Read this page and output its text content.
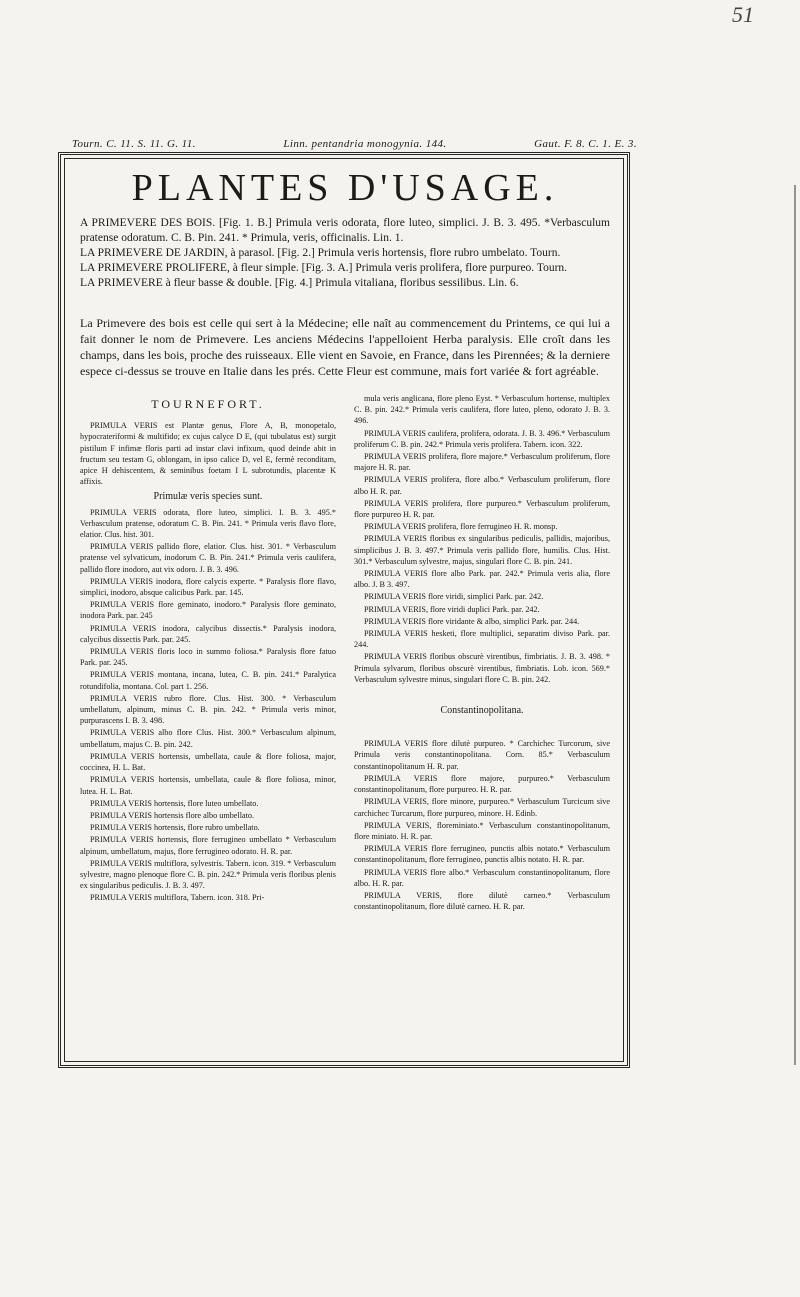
51
Tourn. C. 11. S. 11. G. 11.	Linn. pentandria monogynia. 144.	Gaut. F. 8. C. 1. E. 3.
PLANTES D'USAGE.

A PRIMEVERE DES BOIS. [Fig. 1. B.] Primula veris odorata, flore luteo, simplici. J. B. 3. 495. *Verbasculum pratense odoratum. C. B. Pin. 241. * Primula, veris, officinalis. Lin. 1.

LA PRIMEVERE DE JARDIN, à parasol. [Fig. 2.] Primula veris hortensis, flore rubro umbelato. Tourn.

LA PRIMEVERE PROLIFERE, à fleur simple. [Fig. 3. A.] Primula veris prolifera, flore purpureo. Tourn.

LA PRIMEVERE à fleur basse & double. [Fig. 4.] Primula vitaliana, floribus sessilibus. Lin. 6.

La Primevere des bois est celle qui sert à la Médecine; elle naît au commencement du Printems, ce qui lui a fait donner le nom de Primevere. Les anciens Médecins l'appelloient Herba paralysis. Elle croît dans les champs, dans les bois, proche des ruisseaux. Elle vient en Savoie, en France, dans les Pirennées; & la derniere espece ci-dessus se trouve en Italie dans les prés. Cette Fleur est commune, mais fort variée & fort agréable.
TOURNEFORT.

PRIMULA VERIS est Plantæ genus, Flore A, B, monopetalo, hypocrateriformi & multifido; ex cujus calyce D E, (qui tubulatus est) surgit pistilum F infimæ floris parti ad instar clavi infixum, quod deinde abit in fructum seu testam G, oblongam, in ipso calice D, vel E, fermè reconditam, apice H dehiscentem, & seminibus foetam I L subrotundis, placentæ K affixis.

Primulæ veris species sunt.

PRIMULA VERIS odorata, flore luteo, simplici. I. B. 3. 495.* Verbasculum pratense, odoratum C. B. Pin. 241. * Primula veris flavo flore, elatior. Clus. hist. 301.

PRIMULA VERIS pallido flore, elatior. Clus. hist. 301. * Verbasculum pratense vel sylvaticum, inodorum C. B. Pin. 241.* Primula veris caulifera, pallido flore inodoro, aut vix odoro. J. B. 3. 496.

PRIMULA VERIS inodora, flore calycis experte. * Paralysis flore flavo, simplici, inodoro, absque calicibus Park. par. 145.

PRIMULA VERIS flore geminato, inodoro.* Paralysis flore geminato, inodora Park. par. 245

PRIMULA VERIS inodora, calycibus dissectis.* Paralysis inodora, calycibus dissectis Park. par. 245.

PRIMULA VERIS floris loco in summo foliosa.* Paralysis flore fatuo Park. par. 245.

PRIMULA VERIS montana, incana, lutea, C. B. pin. 241.* Paralytica rotundifolia, montana. Col. part 1. 256.

PRIMULA VERIS rubro flore. Clus. Hist. 300. * Verbasculum umbellatum, alpinum, minus C. B. pin. 242. * Primula veris minor, purpurascens I. B. 3. 498.

PRIMULA VERIS albo flore Clus. Hist. 300.* Verbasculum alpinum, umbellatum, majus C. B. pin. 242.

PRIMULA VERIS hortensis, umbellata, caule & flore foliosa, major, coccinea, H. L. Bat.

PRIMULA VERIS hortensis, umbellata, caule & flore foliosa, minor, lutea. H. L. Bat.

PRIMULA VERIS hortensis, flore luteo umbellato.

PRIMULA VERIS hortensis flore albo umbellato.

PRIMULA VERIS hortensis, flore rubro umbellato.

PRIMULA VERIS hortensis, flore ferrugineo umbellato * Verbasculum alpinum, umbellatum, majus, flore ferrugineo odorato. H. R. par.

PRIMULA VERIS multiflora, sylvestris. Tabern. icon. 319. * Verbasculum sylvestre, magno plenoque flore C. B. pin. 242.* Primula veris floribus plenis ex singularibus pediculis. J. B. 3. 497.

PRIMULA VERIS multiflora, Tabern. icon. 318. Pri-

mula veris anglicana, flore pleno Eyst. * Verbasculum hortense, multiplex C. B. pin. 242.* Primula veris caulifera, flore luteo, pleno, odorato J. B. 3. 496.

PRIMULA VERIS caulifera, prolifera, odorata. J. B. 3. 496.* Verbasculum proliferum C. B. pin. 242.* Primula veris prolifera. Tabern. icon. 322.

PRIMULA VERIS prolifera, flore majore.* Verbasculum proliferum, flore majore H. R. par.

PRIMULA VERIS prolifera, flore albo.* Verbasculum proliferum, flore albo H. R. par.

PRIMULA VERIS prolifera, flore purpureo.* Verbasculum proliferum, flore purpureo H. R. par.

PRIMULA VERIS prolifera, flore ferrugineo H. R. monsp.

PRIMULA VERIS floribus ex singularibus pediculis, pallidis, majoribus, simplicibus J. B. 3. 497.* Primula veris pallido flore, humilis. Clus. Hist. 301.* Verbasculum sylvestre, majus, singulari flore C. B. pin. 241.

PRIMULA VERIS flore albo Park. par. 242.* Primula veris alia, flore albo. J. B 3. 497.

PRIMULA VERIS flore viridi, simplici Park. par. 242.

PRIMULA VERIS, flore viridi duplici Park. par. 242.

PRIMULA VERIS flore viridante & albo, simplici Park. par. 244.

PRIMULA VERIS hesketi, flore multiplici, separatim diviso Park. par. 244.

PRIMULA VERIS floribus obscurè virentibus, fimbriatis. J. B. 3. 498. * Primula sylvarum, floribus obscurè virentibus, fimbriatis. Lob. icon. 569.* Verbasculum sylvestre minus, singulari flore C. B. pin. 242.

Constantinopolitana.

PRIMULA VERIS flore dilutè purpureo. * Carchichec Turcorum, sive Primula veris constantinopolitana. Corn. 85.* Verbasculum constantinopolitanum H. R. par.

PRIMULA VERIS flore majore, purpureo.* Verbasculum constantinopolitanum, flore purpureo. H. R. par.

PRIMULA VERIS, flore minore, purpureo.* Verbasculum Turcicum sive carchichec Turcarum, flore purpureo, minore. H. Edinb.

PRIMULA VERIS, floreminiato.* Verbasculum constantinopolitanum, flore miniato. H. R. par.

PRIMULA VERIS flore ferrugineo, punctis albis notato.* Verbasculum constantinopolitanum, flore ferrugineo, punctis albis notato. H. R. par.

PRIMULA VERIS flore albo.* Verbasculum constantinopolitanum, flore albo. H. R. par.

PRIMULA VERIS, flore dilutè carneo.* Verbasculum constantinopolitanum, flore dilutè carneo. H. R. par.
